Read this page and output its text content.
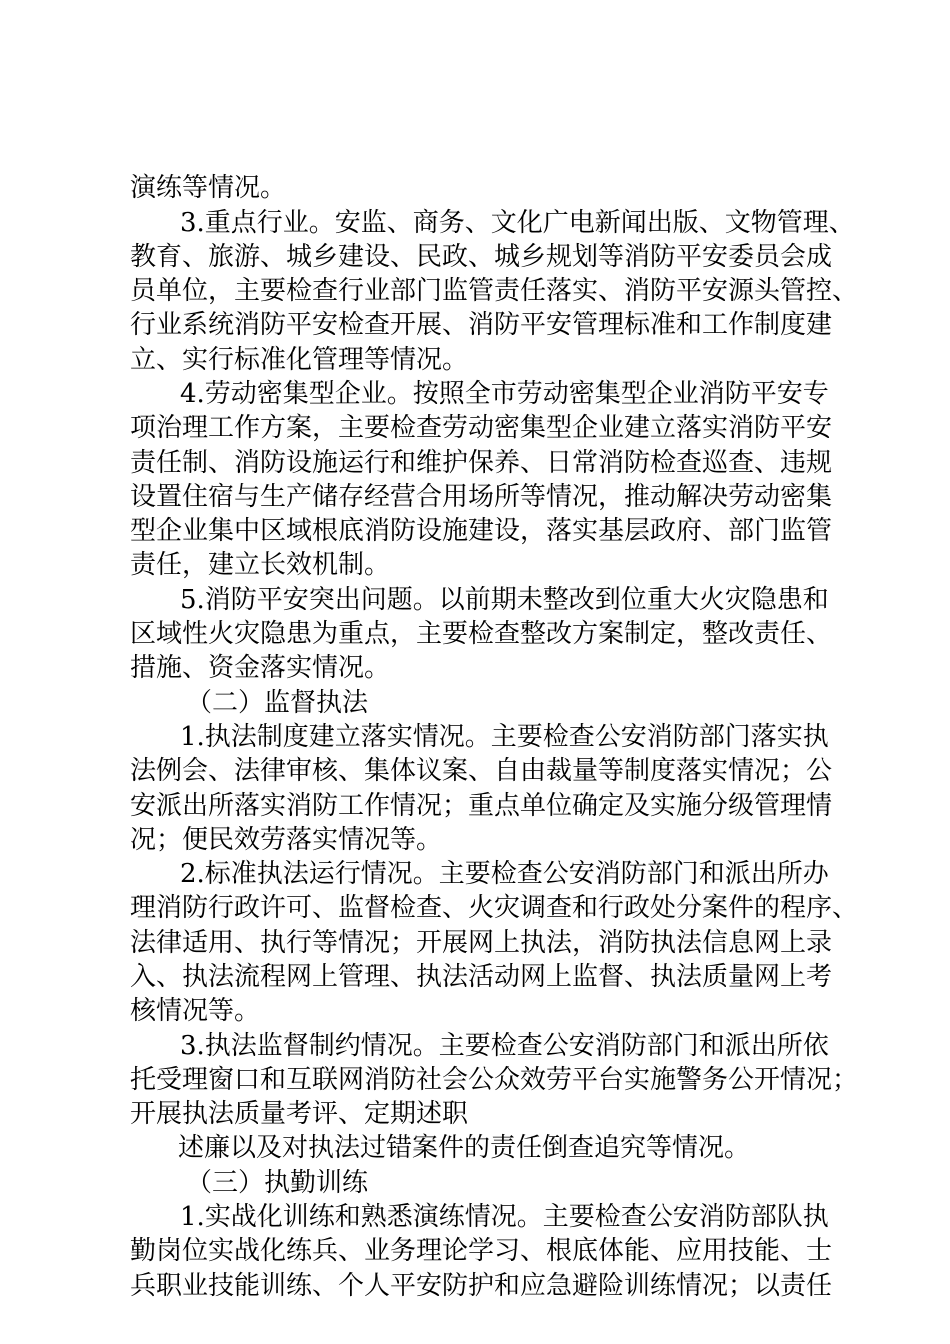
演练等情况。
3.重点行业。安监、商务、文化广电新闻出版、文物管理、
教育、旅游、城乡建设、民政、城乡规划等消防平安委员会成
员单位，主要检查行业部门监管责任落实、消防平安源头管控、
行业系统消防平安检查开展、消防平安管理标准和工作制度建
立、实行标准化管理等情况。
4.劳动密集型企业。按照全市劳动密集型企业消防平安专
项治理工作方案，主要检查劳动密集型企业建立落实消防平安
责任制、消防设施运行和维护保养、日常消防检查巡查、违规
设置住宿与生产储存经营合用场所等情况，推动解决劳动密集
型企业集中区域根底消防设施建设，落实基层政府、部门监管
责任，建立长效机制。
5.消防平安突出问题。以前期未整改到位重大火灾隐患和
区域性火灾隐患为重点，主要检查整改方案制定，整改责任、
措施、资金落实情况。
（二）监督执法
1.执法制度建立落实情况。主要检查公安消防部门落实执
法例会、法律审核、集体议案、自由裁量等制度落实情况；公
安派出所落实消防工作情况；重点单位确定及实施分级管理情
况；便民效劳落实情况等。
2.标准执法运行情况。主要检查公安消防部门和派出所办
理消防行政许可、监督检查、火灾调查和行政处分案件的程序、
法律适用、执行等情况；开展网上执法，消防执法信息网上录
入、执法流程网上管理、执法活动网上监督、执法质量网上考
核情况等。
3.执法监督制约情况。主要检查公安消防部门和派出所依
托受理窗口和互联网消防社会公众效劳平台实施警务公开情况；
开展执法质量考评、定期述职
述廉以及对执法过错案件的责任倒查追究等情况。
（三）执勤训练
1.实战化训练和熟悉演练情况。主要检查公安消防部队执
勤岗位实战化练兵、业务理论学习、根底体能、应用技能、士
兵职业技能训练、个人平安防护和应急避险训练情况；以责任
